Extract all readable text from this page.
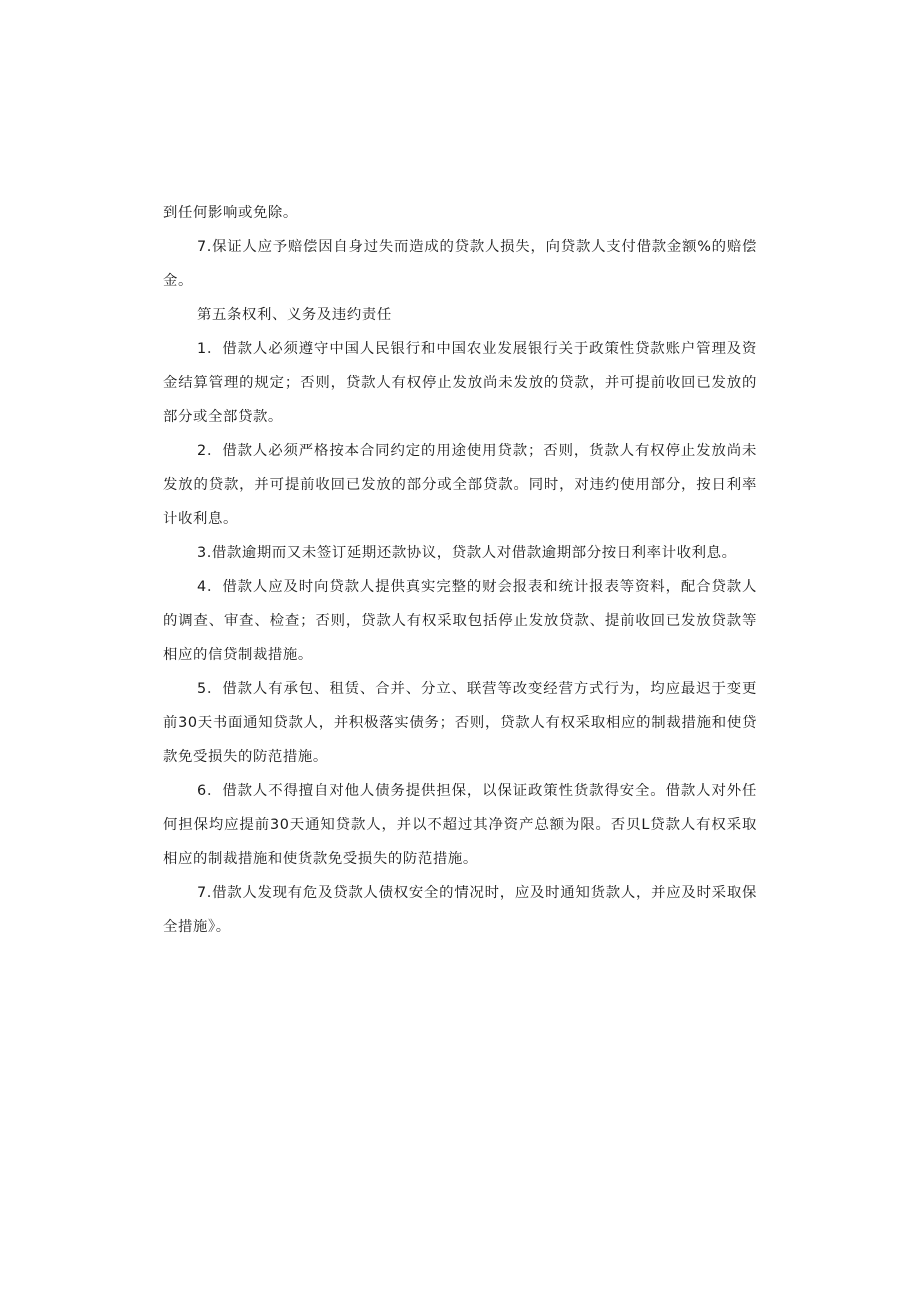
到任何影响或免除。

7.保证人应予赔偿因自身过失而造成的贷款人损失，向贷款人支付借款金额%的赔偿金。

第五条权利、义务及违约责任

1．借款人必须遵守中国人民银行和中国农业发展银行关于政策性贷款账户管理及资金结算管理的规定；否则，贷款人有权停止发放尚未发放的贷款，并可提前收回已发放的部分或全部贷款。

2．借款人必须严格按本合同约定的用途使用贷款；否则，货款人有权停止发放尚未发放的贷款，并可提前收回已发放的部分或全部贷款。同时，对违约使用部分，按日利率计收利息。

3.借款逾期而又未签订延期还款协议，贷款人对借款逾期部分按日利率计收利息。

4．借款人应及时向贷款人提供真实完整的财会报表和统计报表等资料，配合贷款人的调查、审查、检查；否则，贷款人有权采取包括停止发放贷款、提前收回已发放贷款等相应的信贷制裁措施。

5．借款人有承包、租赁、合并、分立、联营等改变经营方式行为，均应最迟于变更前30天书面通知贷款人，并积极落实债务；否则，贷款人有权采取相应的制裁措施和使贷款免受损失的防范措施。

6．借款人不得擅自对他人债务提供担保，以保证政策性货款得安全。借款人对外任何担保均应提前30天通知贷款人，并以不超过其净资产总额为限。否贝L贷款人有权采取相应的制裁措施和使货款免受损失的防范措施。

7.借款人发现有危及贷款人债权安全的情况时，应及时通知货款人，并应及时采取保全措施》。
